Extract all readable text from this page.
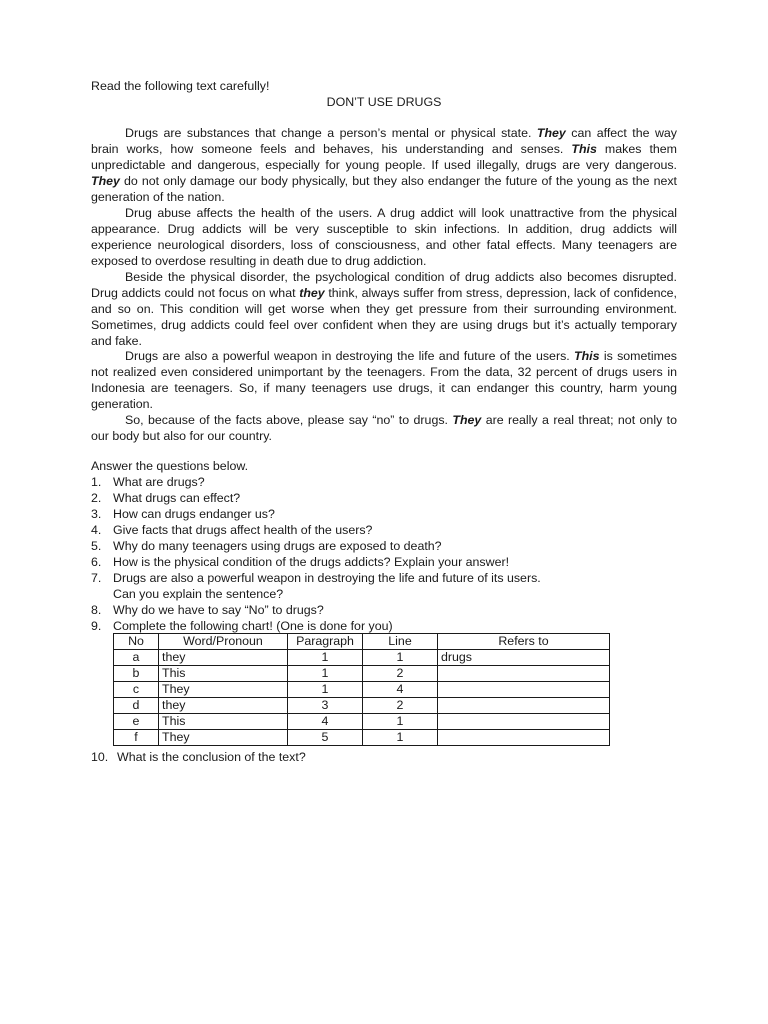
Read the following text carefully!
DON’T USE DRUGS
Drugs are substances that change a person’s mental or physical state. They can affect the way brain works, how someone feels and behaves, his understanding and senses. This makes them unpredictable and dangerous, especially for young people. If used illegally, drugs are very dangerous. They do not only damage our body physically, but they also endanger the future of the young as the next generation of the nation.
Drug abuse affects the health of the users. A drug addict will look unattractive from the physical appearance. Drug addicts will be very susceptible to skin infections. In addition, drug addicts will experience neurological disorders, loss of consciousness, and other fatal effects. Many teenagers are exposed to overdose resulting in death due to drug addiction.
Beside the physical disorder, the psychological condition of drug addicts also becomes disrupted. Drug addicts could not focus on what they think, always suffer from stress, depression, lack of confidence, and so on. This condition will get worse when they get pressure from their surrounding environment. Sometimes, drug addicts could feel over confident when they are using drugs but it’s actually temporary and fake.
Drugs are also a powerful weapon in destroying the life and future of the users. This is sometimes not realized even considered unimportant by the teenagers. From the data, 32 percent of drugs users in Indonesia are teenagers. So, if many teenagers use drugs, it can endanger this country, harm young generation.
So, because of the facts above, please say “no” to drugs. They are really a real threat; not only to our body but also for our country.
Answer the questions below.
1. What are drugs?
2. What drugs can effect?
3. How can drugs endanger us?
4. Give facts that drugs affect health of the users?
5. Why do many teenagers using drugs are exposed to death?
6. How is the physical condition of the drugs addicts? Explain your answer!
7. Drugs are also a powerful weapon in destroying the life and future of its users.
Can you explain the sentence?
8. Why do we have to say “No” to drugs?
9. Complete the following chart! (One is done for you)
No	Word/Pronoun	Paragraph	Line	Refers to
a	they	1	1	drugs
b	This	1	2	
c	They	1	4	
d	they	3	2	
e	This	4	1	
f	They	5	1	
10. What is the conclusion of the text?
